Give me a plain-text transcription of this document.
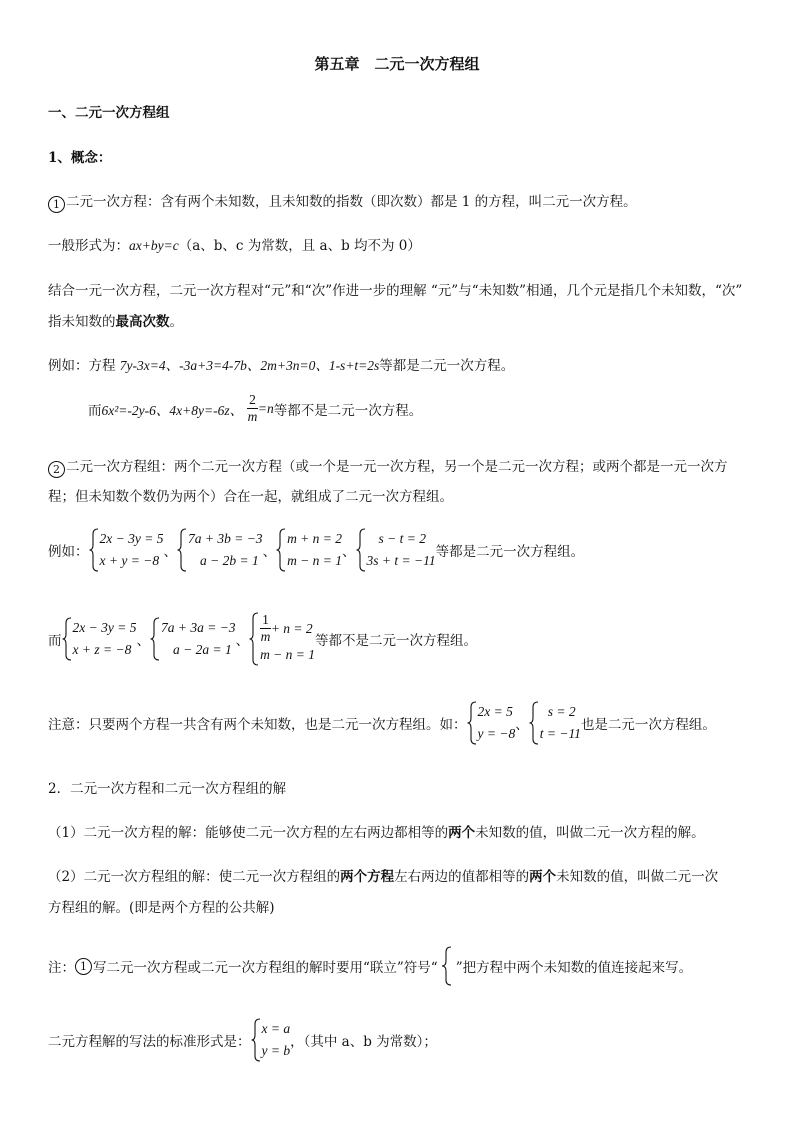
第五章　二元一次方程组
一、二元一次方程组
1、概念：
1 二元一次方程：含有两个未知数，且未知数的指数（即次数）都是 1 的方程，叫二元一次方程。
一般形式为：ax+by=c（a、b、c 为常数，且 a、b 均不为 0）
结合一元一次方程，二元一次方程对“元”和“次”作进一步的理解 “元”与“未知数”相通，几个元是指几个未知数，“次”
指未知数的最高次数。
例如：方程 7y-3x=4、-3a+3=4-7b、2m+3n=0、1-s+t=2s等都是二元一次方程。
而 6x²=-2y-6、4x+8y=-6z、 $\frac{2}{m} =n$ 等都不是二元一次方程。
2 二元一次方程组：两个二元一次方程（或一个是一元一次方程，另一个是二元一次方程；或两个都是一元一次方
程；但未知数个数仍为两个）合在一起，就组成了二元一次方程组。
例如：
2x − 3y = 5
x + y = −8
、
7a + 3b = −3
a − 2b = 1
、
m + n = 2
m − n = 1
、
s − t = 2
3s + t = −11
等都是二元一次方程组。
而
2x − 3y = 5
x + z = −8
、
7a + 3a = −3
a − 2a = 1
、 $\frac{1}{m} + n = 2$
m − n = 1
等都不是二元一次方程组。
注意：只要两个方程一共含有两个未知数，也是二元一次方程组。如：
2x = 5
y = −8
、
s = 2
t = −11
也是二元一次方程组。
2．二元一次方程和二元一次方程组的解
（1）二元一次方程的解：能够使二元一次方程的左右两边都相等的两个未知数的值，叫做二元一次方程的解。
（2）二元一次方程组的解：使二元一次方程组的两个方程左右两边的值都相等的两个未知数的值，叫做二元一次
方程组的解。(即是两个方程的公共解)
注： 1 写二元一次方程或二元一次方程组的解时要用“联立”符号“ ”把方程中两个未知数的值连接起来写。
二元方程解的写法的标准形式是：
x = a
y = b
，（其中 a、b 为常数）；
